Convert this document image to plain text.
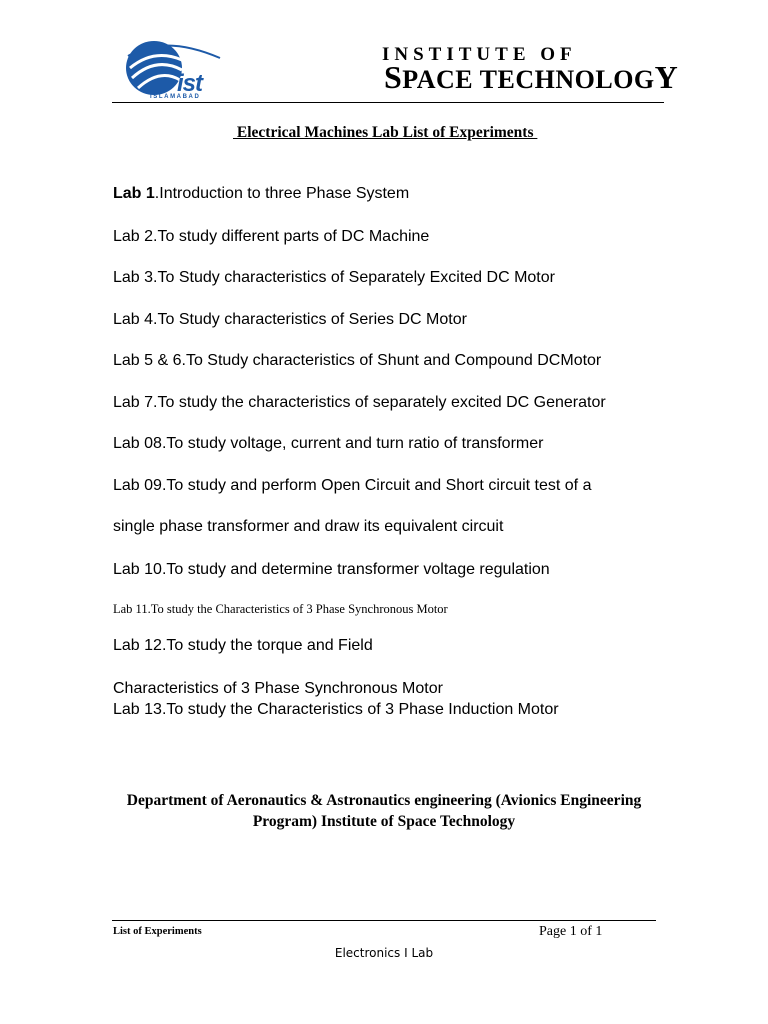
ist
ISLAMABAD
INSTITUTE OF
SPACE TECHNOLOGY
Electrical Machines Lab List of Experiments
Lab 1.Introduction to three Phase System
Lab 2.To study different parts of DC Machine
Lab 3.To Study characteristics of Separately Excited DC Motor
Lab 4.To Study characteristics of Series DC Motor
Lab 5 & 6.To Study characteristics of Shunt and Compound DCMotor
Lab 7.To study the characteristics of separately excited DC Generator
Lab 08.To study voltage, current and turn ratio of transformer
Lab 09.To study and perform Open Circuit and Short circuit test of a
single phase transformer and draw its equivalent circuit
Lab 10.To study and determine transformer voltage regulation
Lab 11.To study the Characteristics of 3 Phase Synchronous Motor
Lab 12.To study the torque and Field
Characteristics of 3 Phase Synchronous Motor
Lab 13.To study the Characteristics of 3 Phase Induction Motor
Department of Aeronautics & Astronautics engineering (Avionics Engineering Program) Institute of Space Technology
List of Experiments	Page 1 of 1
Electronics I Lab
